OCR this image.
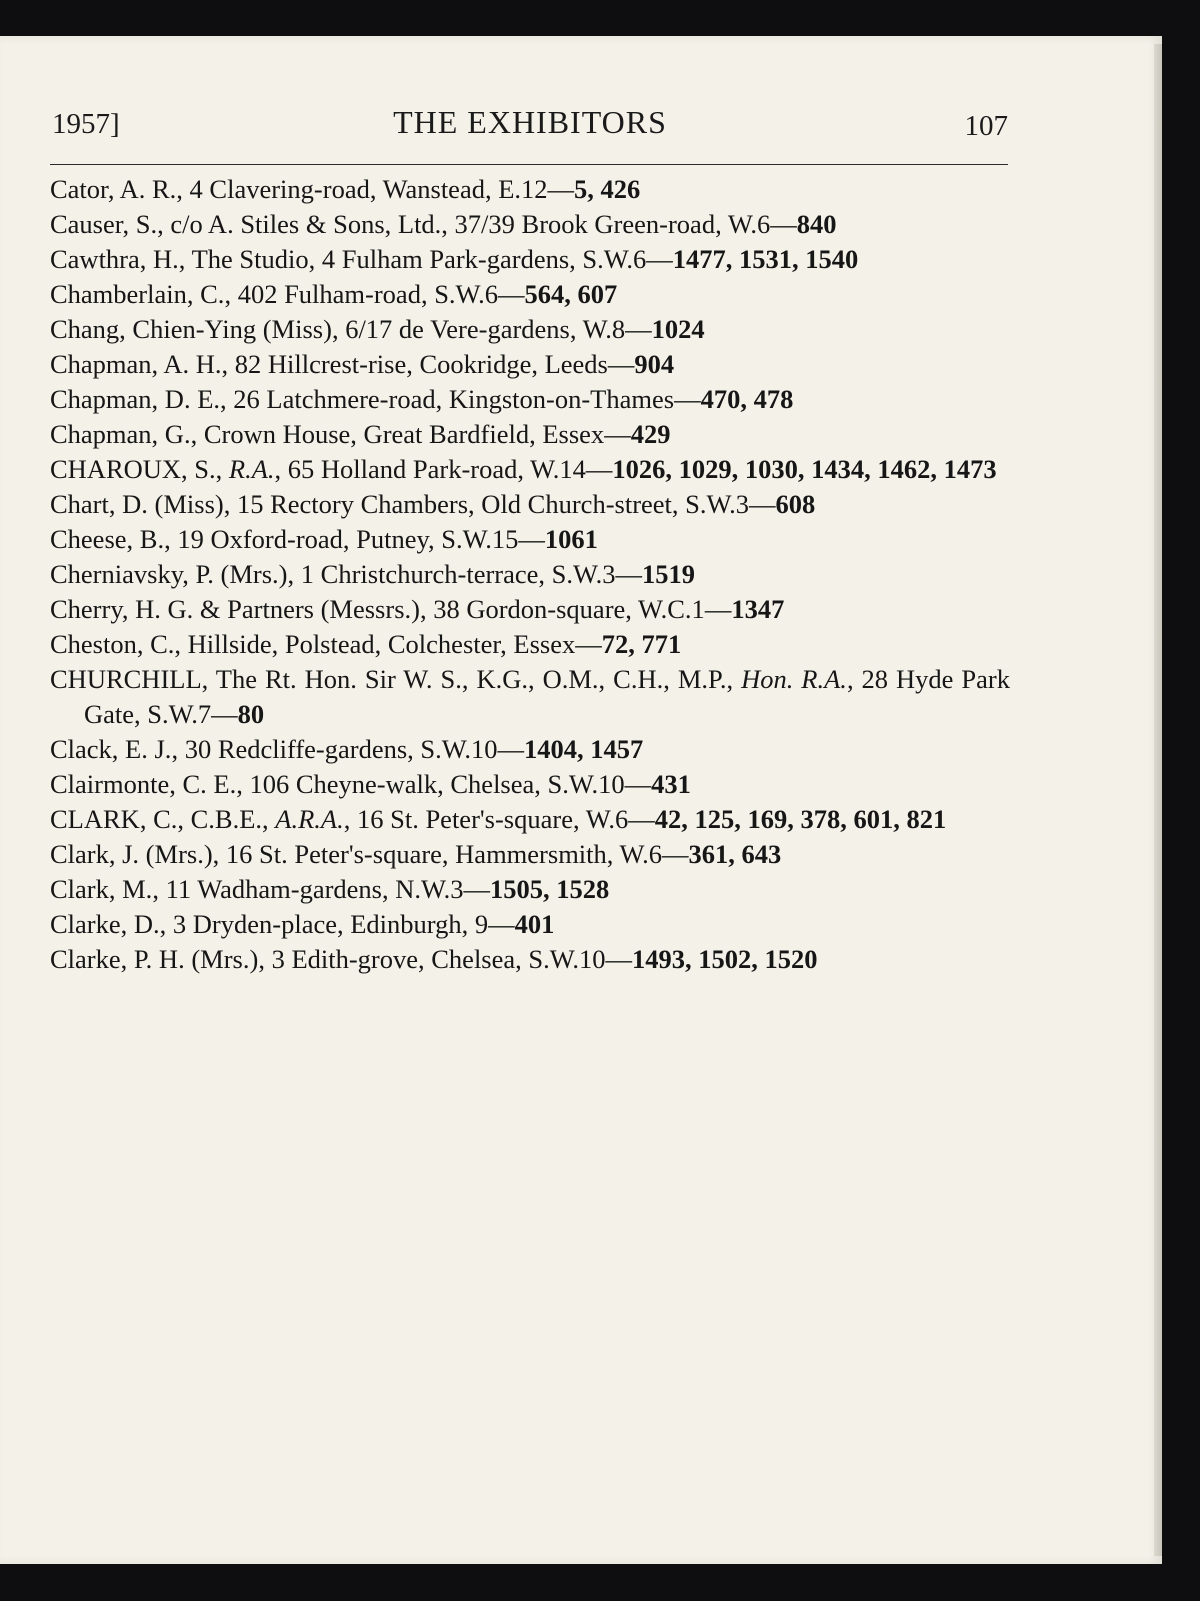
1957]	THE EXHIBITORS	107
Cator, A. R., 4 Clavering-road, Wanstead, E.12—5, 426
Causer, S., c/o A. Stiles & Sons, Ltd., 37/39 Brook Green-road, W.6—840
Cawthra, H., The Studio, 4 Fulham Park-gardens, S.W.6—1477, 1531, 1540
Chamberlain, C., 402 Fulham-road, S.W.6—564, 607
Chang, Chien-Ying (Miss), 6/17 de Vere-gardens, W.8—1024
Chapman, A. H., 82 Hillcrest-rise, Cookridge, Leeds—904
Chapman, D. E., 26 Latchmere-road, Kingston-on-Thames—470, 478
Chapman, G., Crown House, Great Bardfield, Essex—429
CHAROUX, S., R.A., 65 Holland Park-road, W.14—1026, 1029, 1030, 1434, 1462, 1473
Chart, D. (Miss), 15 Rectory Chambers, Old Church-street, S.W.3—608
Cheese, B., 19 Oxford-road, Putney, S.W.15—1061
Cherniavsky, P. (Mrs.), 1 Christchurch-terrace, S.W.3—1519
Cherry, H. G. & Partners (Messrs.), 38 Gordon-square, W.C.1—1347
Cheston, C., Hillside, Polstead, Colchester, Essex—72, 771
CHURCHILL, The Rt. Hon. Sir W. S., K.G., O.M., C.H., M.P., Hon. R.A., 28 Hyde Park Gate, S.W.7—80
Clack, E. J., 30 Redcliffe-gardens, S.W.10—1404, 1457
Clairmonte, C. E., 106 Cheyne-walk, Chelsea, S.W.10—431
CLARK, C., C.B.E., A.R.A., 16 St. Peter's-square, W.6—42, 125, 169, 378, 601, 821
Clark, J. (Mrs.), 16 St. Peter's-square, Hammersmith, W.6—361, 643
Clark, M., 11 Wadham-gardens, N.W.3—1505, 1528
Clarke, D., 3 Dryden-place, Edinburgh, 9—401
Clarke, P. H. (Mrs.), 3 Edith-grove, Chelsea, S.W.10—1493, 1502, 1520
